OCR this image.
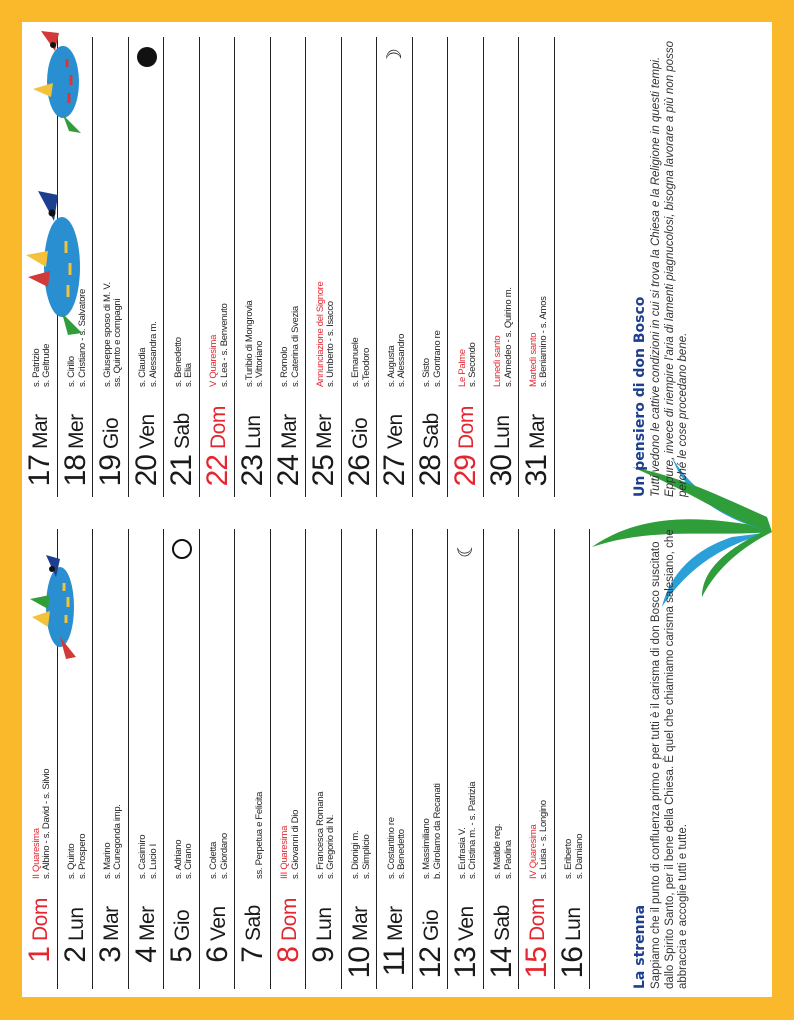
1
Dom
II Quaresima s. Albino - s. David - s. Silvio
2
Lun
s. Quinto s. Prospero
3
Mar
s. Marino s. Cunegonda imp.
4
Mer
s. Casimiro s. Lucio I
5
Gio
s. Adriano s. Cirano
6
Ven
s. Coletta s. Giordano
7
Sab
ss. Perpetua e Felicita
8
Dom
III Quaresima s. Giovanni di Dio
9
Lun
s. Francesca Romana s. Gregorio di N.
10
Mar
s. Dionigi m. s. Simplicio
11
Mer
s. Costantino re s. Benedetto
12
Gio
s. Massimiliano b. Girolamo da Recanati
13
Ven
s. Eufrasia V. s. Cristina m. - s. Patrizia
☾
14
Sab
s. Matilde reg. s. Paolina
15
Dom
IV Quaresima s. Luisa - s. Longino
16
Lun
s. Eriberto s. Damiano
17
Mar
s. Patrizio s. Geltrude
18
Mer
s. Cirillo s. Cristiano - s. Salvatore
19
Gio
s. Giuseppe sposo di M. V. ss. Quinto e compagni
20
Ven
s. Claudia s. Alessandra m.
21
Sab
s. Benedetto s. Elia
22
Dom
V Quaresima s. Lea - s. Benvenuto
23
Lun
s.Turibio di Mongrovia s. Vittoriano
24
Mar
s. Romolo s. Caterina di Svezia
25
Mer
Annunciazione del Signore s. Umberto - s. Isacco
26
Gio
s. Emanuele s.Teodoro
27
Ven
s. Augusta s. Alessandro
☽
28
Sab
s. Sisto s. Gontrano re
29
Dom
Le Palme s. Secondo
30
Lun
Lunedì santo s. Amedeo - s. Quirino m.
31
Mar
Martedì santo s. Beniamino - s. Amos
La strenna Sappiamo che il punto di confluenza primo e per tutti è il carisma di don Bosco suscitato dallo Spirito Santo, per il bene della Chiesa. È quel che chiamiamo carisma salesiano, che abbraccia e accoglie tutti e tutte.

Un pensiero di don Bosco Tutti vedono le cattive condizioni in cui si trova la Chiesa e la Religione in questi tempi. Eppure, invece di riempire l'aria di lamenti piagnucolosi, bisogna lavorare a più non posso perché le cose procedano bene.
